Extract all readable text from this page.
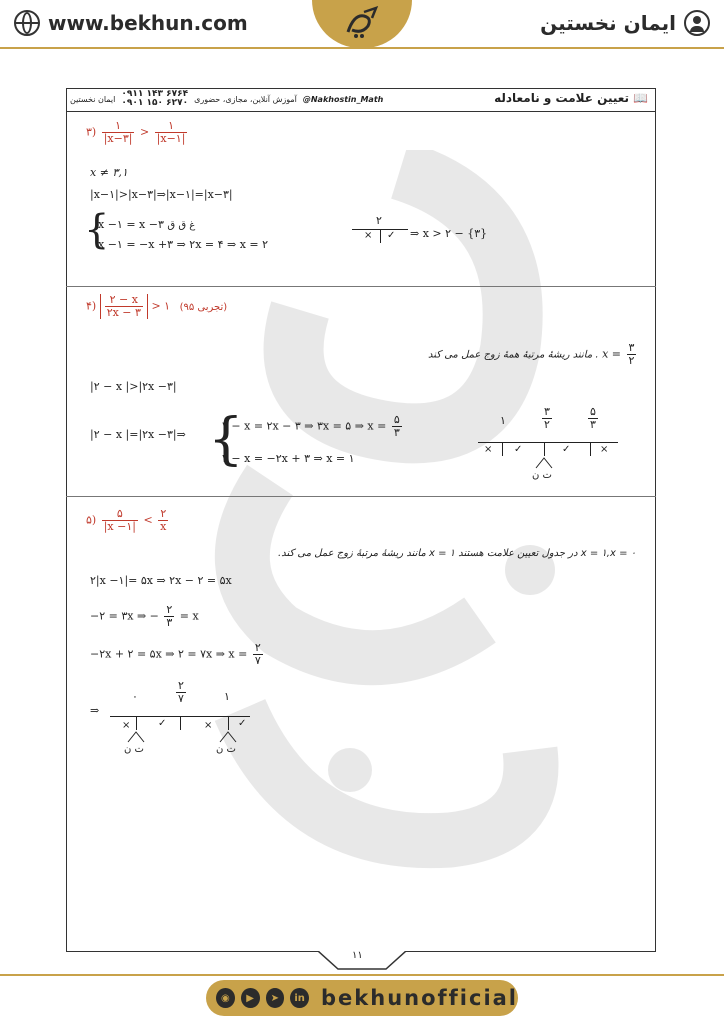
www.bekhun.com	ایمان نخستین
ایمان نخستین ۰۹۱۱ ۱۴۳ ۶۷۶۴
۰۹۰۱ ۱۵۰ ۶۲۷۰ آموزش آنلاین، مجازی، حضوری @Nakhostin_Math	📖
تعیین علامت و نامعادله
۳) $\frac{۱}{|x-۳|} > \frac{۱}{|x-۱|}$
x ≠ ۳,۱
|x−۱|>|x−۳|⇒|x−۱|=|x−۳|
{
x −۱ = x −۳ غ ق ق
x −۱ = −x +۳ ⇒ ۲x = ۴ ⇒ x = ۲
۲
× ✓ ⇒ x > ۲ − {۳}
۴) $\frac{۲ - x}{۲x - ۳}$ > ۱ (تجربی ۹۵)
مانند ریشهٔ مرتبهٔ همهٔ زوج عمل می کند . $x = \frac{۳}{۲}$
|۲ − x |>|۲x −۳|
|۲ − x |=|۲x −۳|⇒ {
۲ − x = ۲x − ۳ ⇒ ۳x = ۵ ⇒ $x = \frac{۵}{۳}$
۲ − x = −۲x + ۳ ⇒ x = ۱
۱	$\frac{۳}{۲}$	$\frac{۵}{۳}$
× ✓	✓	×
ت ن
۵) $\frac{۵}{|x -۱|} < \frac{۲}{x}$
x = ۱,x = ۰ در جدول تعیین علامت هستند ۱ = x مانند ریشهٔ مرتبهٔ زوج عمل می کند.
۲|x −۱|= ۵x ⇒ ۲x − ۲ = ۵x
−۲ = ۳x ⇒ − $\frac{۲}{۳} = x$
−۲x + ۲ = ۵x ⇒ ۲ = ۷x ⇒ $x = \frac{۲}{۷}$
⇒
۰	$\frac{۲}{۷}$	۱
×	✓	×	✓
ت ن	ت ن
۱۱
◉	▶	➤	in bekhunofficial
